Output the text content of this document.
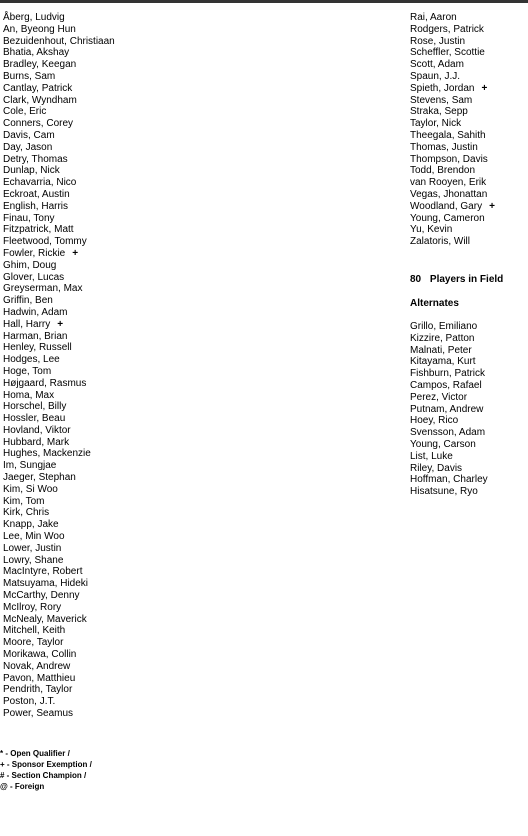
Åberg, Ludvig
An, Byeong Hun
Bezuidenhout, Christiaan
Bhatia, Akshay
Bradley, Keegan
Burns, Sam
Cantlay, Patrick
Clark, Wyndham
Cole, Eric
Conners, Corey
Davis, Cam
Day, Jason
Detry, Thomas
Dunlap, Nick
Echavarria, Nico
Eckroat, Austin
English, Harris
Finau, Tony
Fitzpatrick, Matt
Fleetwood, Tommy
Fowler, Rickie +
Ghim, Doug
Glover, Lucas
Greyserman, Max
Griffin, Ben
Hadwin, Adam
Hall, Harry +
Harman, Brian
Henley, Russell
Hodges, Lee
Hoge, Tom
Højgaard, Rasmus
Homa, Max
Horschel, Billy
Hossler, Beau
Hovland, Viktor
Hubbard, Mark
Hughes, Mackenzie
Im, Sungjae
Jaeger, Stephan
Kim, Si Woo
Kim, Tom
Kirk, Chris
Knapp, Jake
Lee, Min Woo
Lower, Justin
Lowry, Shane
MacIntyre, Robert
Matsuyama, Hideki
McCarthy, Denny
McIlroy, Rory
McNealy, Maverick
Mitchell, Keith
Moore, Taylor
Morikawa, Collin
Novak, Andrew
Pavon, Matthieu
Pendrith, Taylor
Poston, J.T.
Power, Seamus
Rai, Aaron
Rodgers, Patrick
Rose, Justin
Scheffler, Scottie
Scott, Adam
Spaun, J.J.
Spieth, Jordan +
Stevens, Sam
Straka, Sepp
Taylor, Nick
Theegala, Sahith
Thomas, Justin
Thompson, Davis
Todd, Brendon
van Rooyen, Erik
Vegas, Jhonattan
Woodland, Gary +
Young, Cameron
Yu, Kevin
Zalatoris, Will
80 Players in Field
Alternates
Grillo, Emiliano
Kizzire, Patton
Malnati, Peter
Kitayama, Kurt
Fishburn, Patrick
Campos, Rafael
Perez, Victor
Putnam, Andrew
Hoey, Rico
Svensson, Adam
Young, Carson
List, Luke
Riley, Davis
Hoffman, Charley
Hisatsune, Ryo
* - Open Qualifier /
+ - Sponsor Exemption /
# - Section Champion /
@ - Foreign
